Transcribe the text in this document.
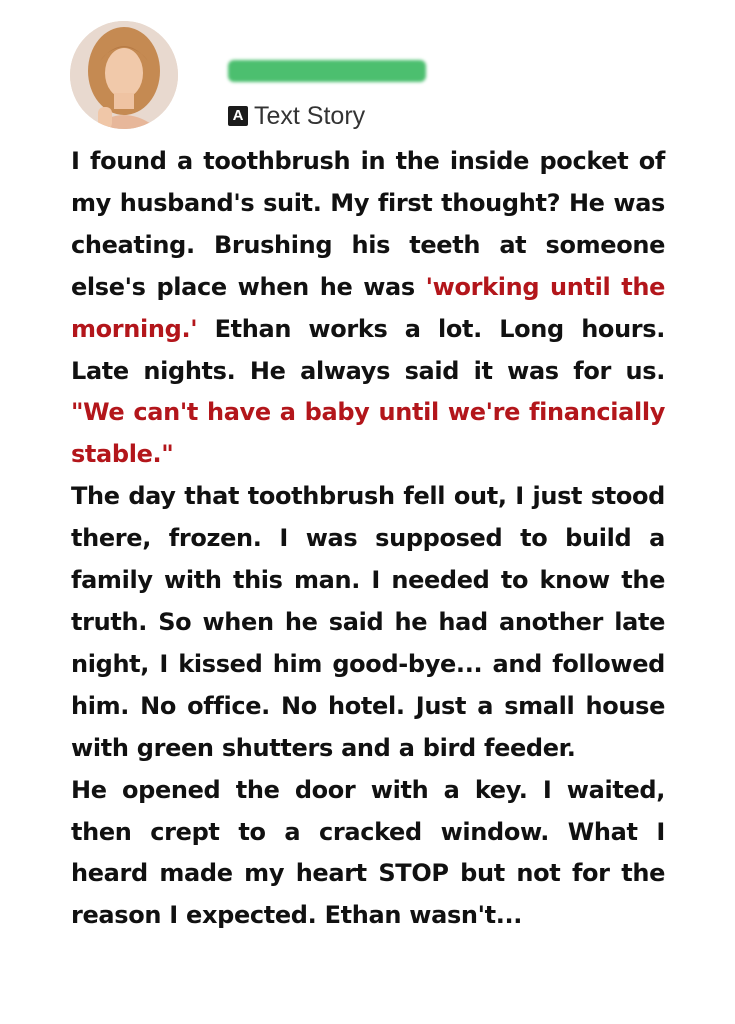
A Text Story

I found a toothbrush in the inside pocket of my husband's suit. My first thought? He was cheating. Brushing his teeth at someone else's place when he was 'working until the morning.' Ethan works a lot. Long hours. Late nights. He always said it was for us. "We can't have a baby until we're financially stable."

The day that toothbrush fell out, I just stood there, frozen. I was supposed to build a family with this man. I needed to know the truth. So when he said he had another late night, I kissed him good-bye... and followed him. No office. No hotel. Just a small house with green shutters and a bird feeder.

He opened the door with a key. I waited, then crept to a cracked window. What I heard made my heart STOP but not for the reason I expected. Ethan wasn't...
